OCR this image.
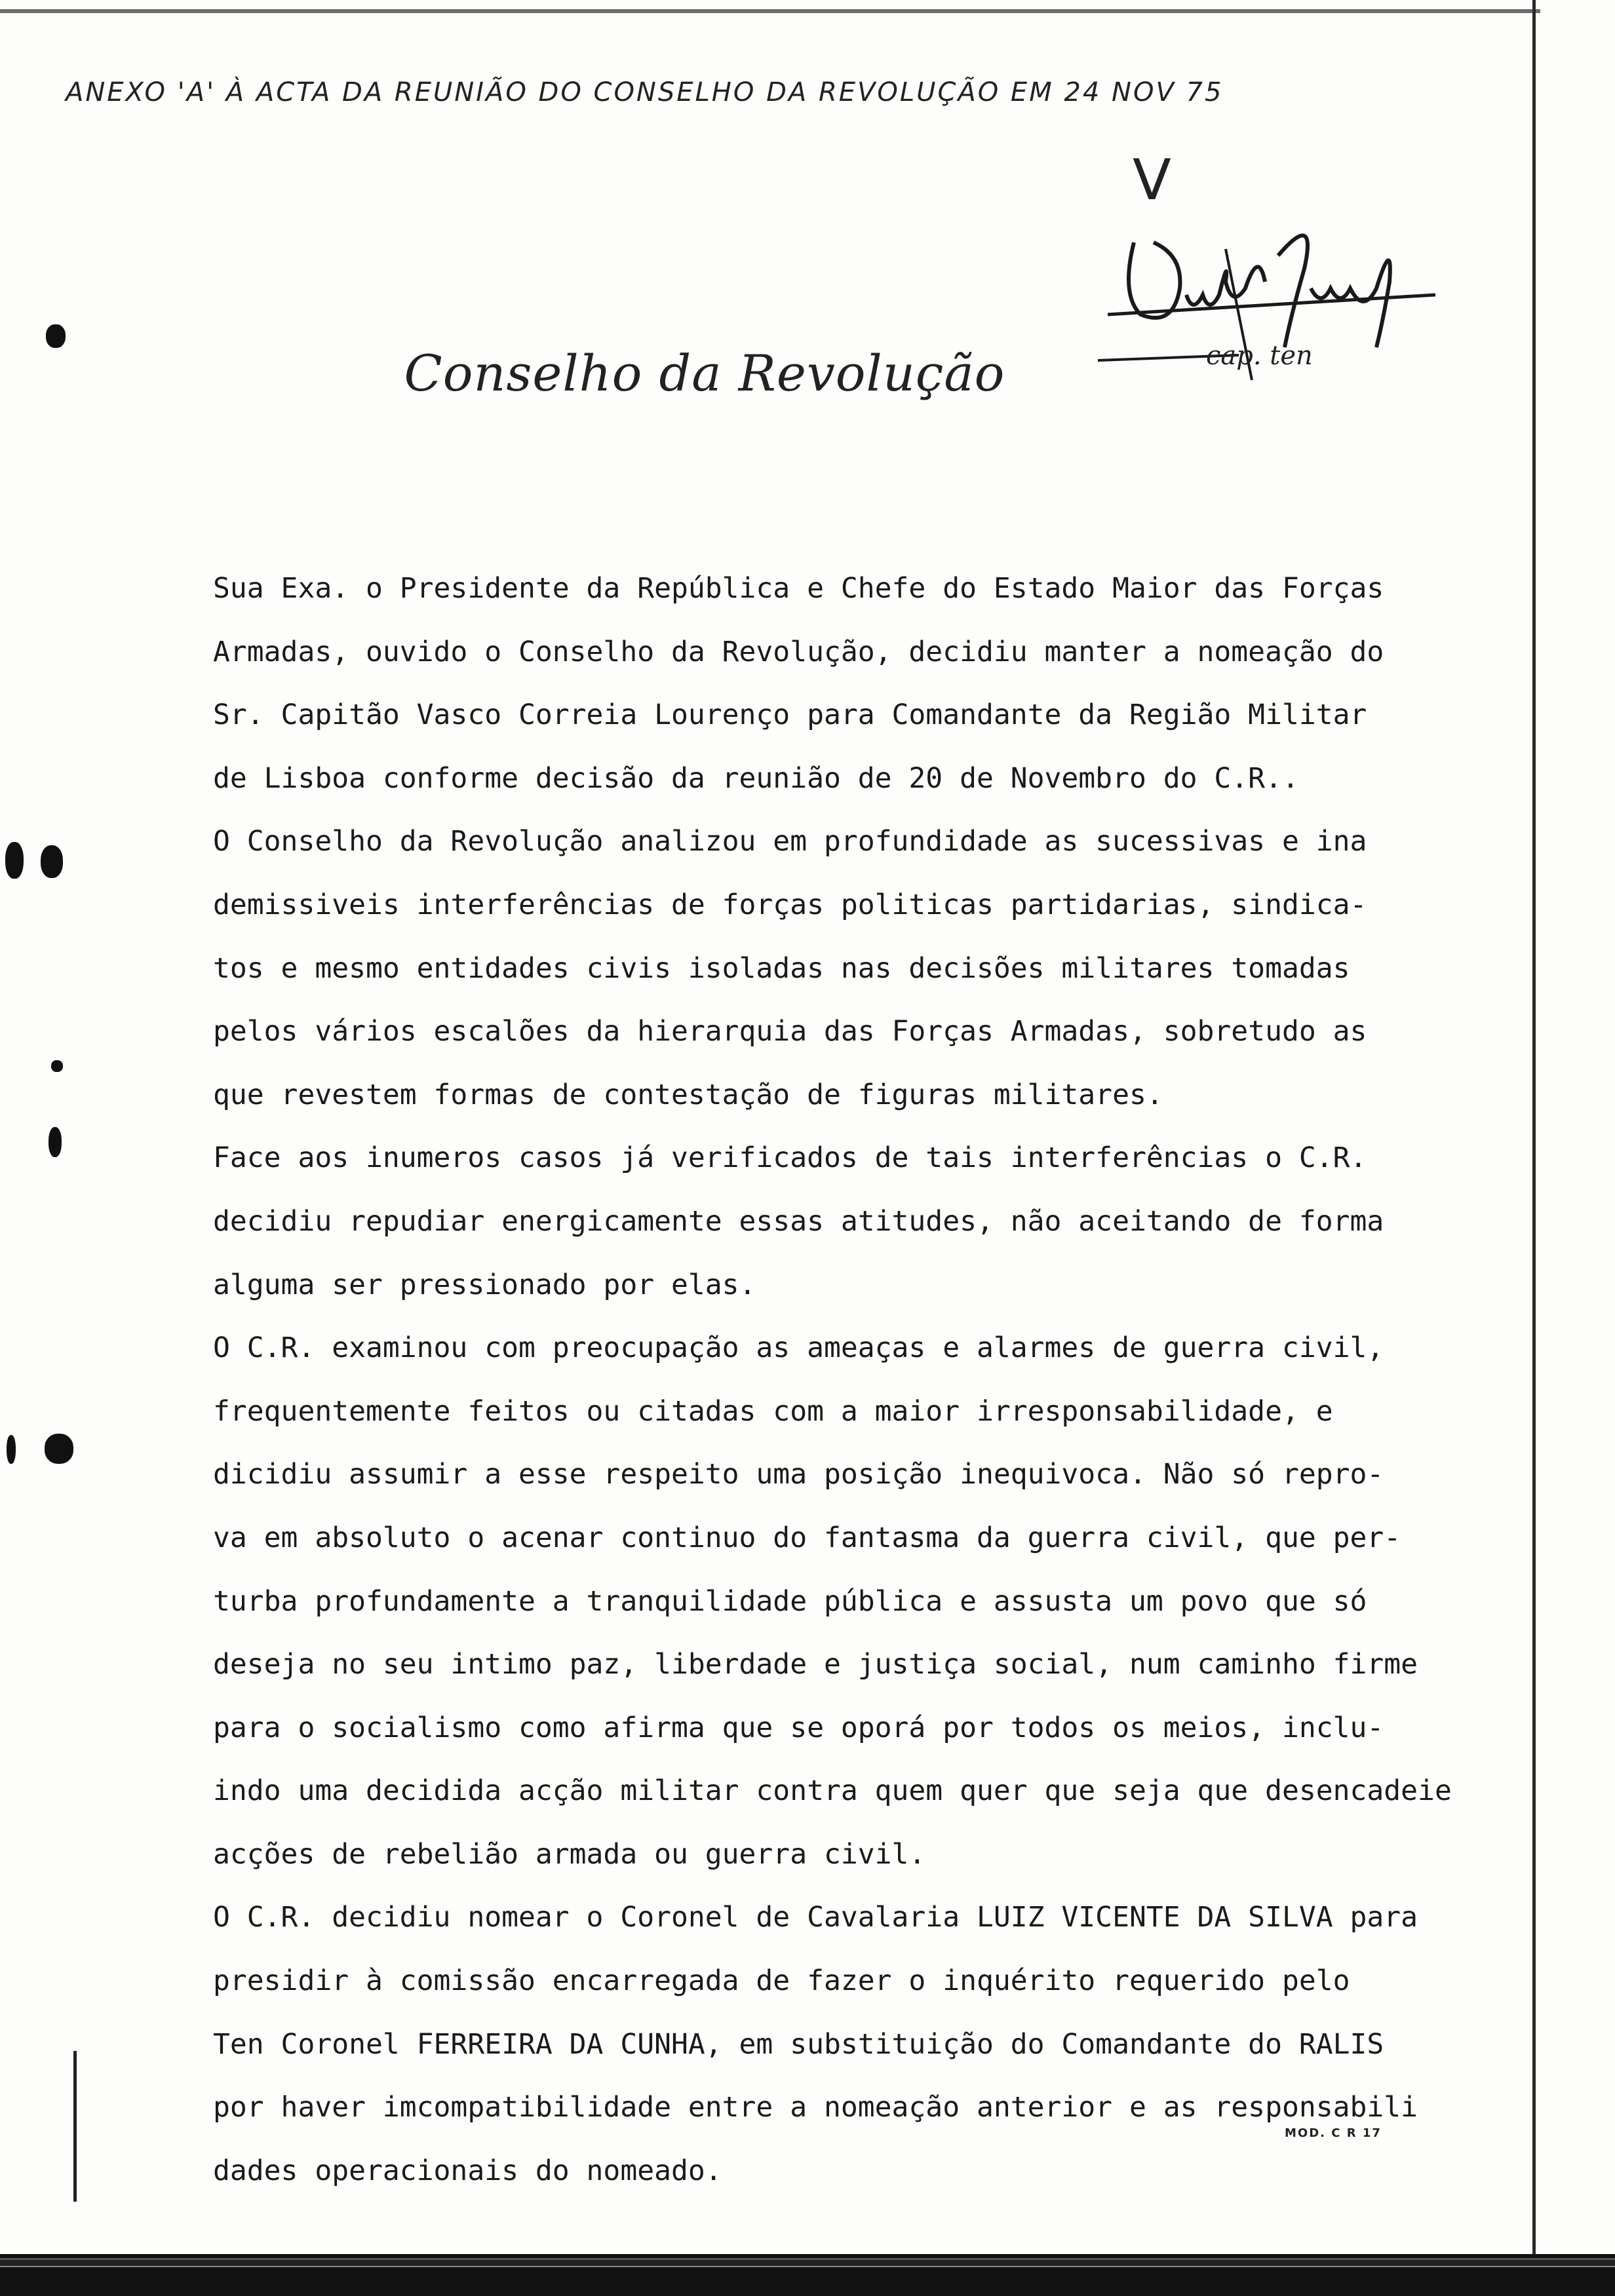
ANEXO 'A' À ACTA DA REUNIÃO DO CONSELHO DA REVOLUÇÃO EM 24 NOV 75
V
cap. ten
Conselho da Revolução
Sua Exa. o Presidente da República e Chefe do Estado Maior das Forças
Armadas, ouvido o Conselho da Revolução, decidiu manter a nomeação do
Sr. Capitão Vasco Correia Lourenço para Comandante da Região Militar
de Lisboa conforme decisão da reunião de 20 de Novembro do C.R..
O Conselho da Revolução analizou em profundidade as sucessivas e ina
demissiveis interferências de forças politicas partidarias, sindica-
tos e mesmo entidades civis isoladas nas decisões militares tomadas
pelos vários escalões da hierarquia das Forças Armadas, sobretudo as
que revestem formas de contestação de figuras militares.
Face aos inumeros casos já verificados de tais interferências o C.R.
decidiu repudiar energicamente essas atitudes, não aceitando de forma
alguma ser pressionado por elas.
O C.R. examinou com preocupação as ameaças e alarmes de guerra civil,
frequentemente feitos ou citadas com a maior irresponsabilidade, e
dicidiu assumir a esse respeito uma posição inequivoca. Não só repro-
va em absoluto o acenar continuo do fantasma da guerra civil, que per-
turba profundamente a tranquilidade pública e assusta um povo que só
deseja no seu intimo paz, liberdade e justiça social, num caminho firme
para o socialismo como afirma que se oporá por todos os meios, inclu-
indo uma decidida acção militar contra quem quer que seja que desencadeie
acções de rebelião armada ou guerra civil.
O C.R. decidiu nomear o Coronel de Cavalaria LUIZ VICENTE DA SILVA para
presidir à comissão encarregada de fazer o inquérito requerido pelo
Ten Coronel FERREIRA DA CUNHA, em substituição do Comandante do RALIS
por haver imcompatibilidade entre a nomeação anterior e as responsabili
dades operacionais do nomeado.
MOD. C R 17
